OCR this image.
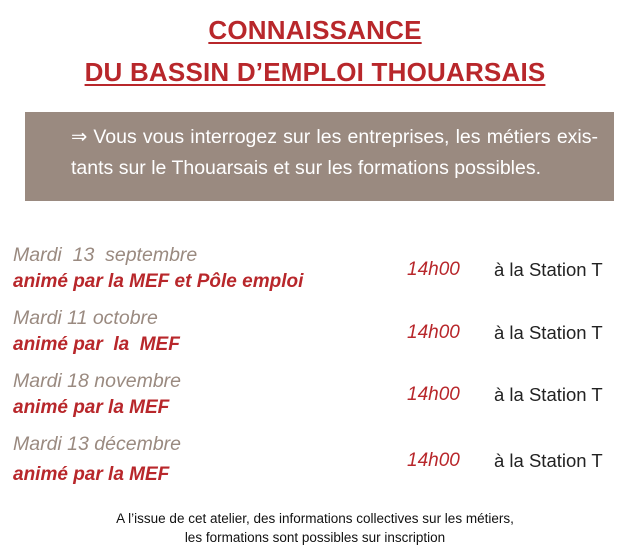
CONNAISSANCE
DU BASSIN D’EMPLOI THOUARSAIS
⇒ Vous vous interrogez sur les entreprises, les métiers exis-tants sur le Thouarsais et sur les formations possibles.
Mardi  13  septembre
animé par la MEF et Pôle emploi
14h00 à la Station T
Mardi 11 octobre
animé par  la  MEF
14h00 à la Station T
Mardi 18 novembre
animé par la MEF
14h00 à la Station T
Mardi 13 décembre
animé par la MEF
14h00 à la Station T
A l’issue de cet atelier, des informations collectives sur les métiers,
les formations sont possibles sur inscription
